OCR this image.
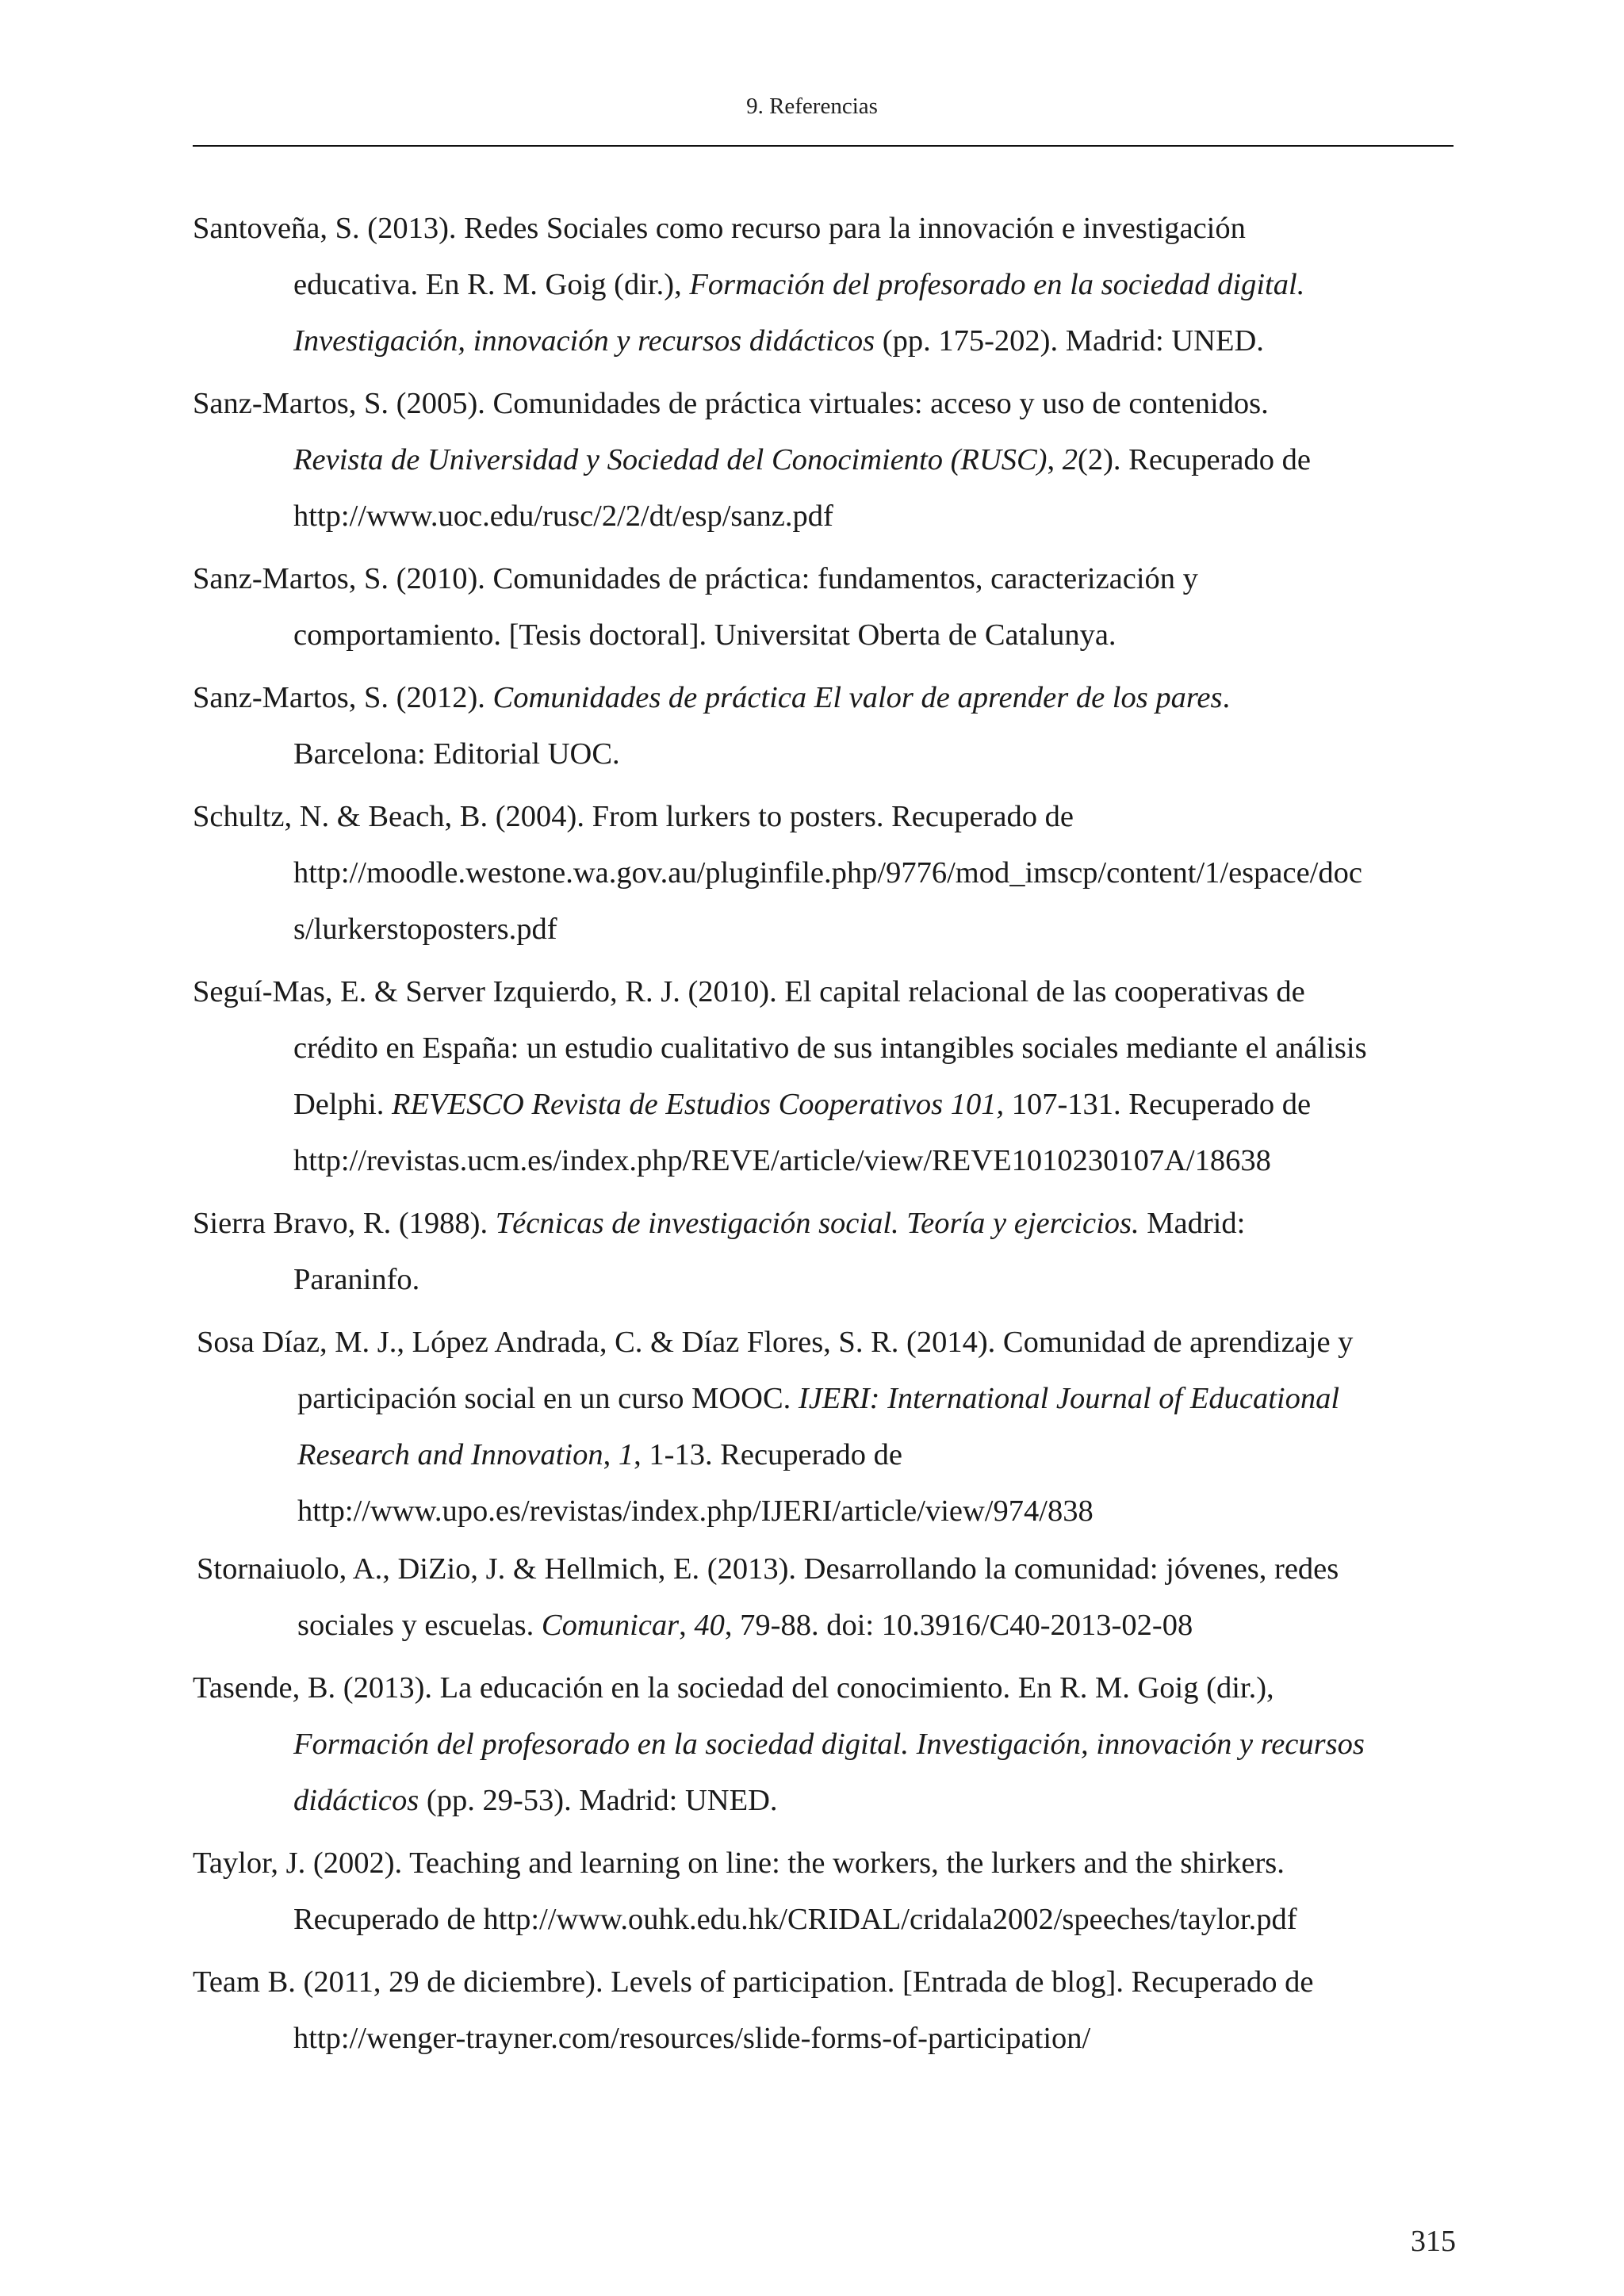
9. Referencias
Santoveña, S. (2013). Redes Sociales como recurso para la innovación e investigación
educativa. En R. M. Goig (dir.), Formación del profesorado en la sociedad digital.
Investigación, innovación y recursos didácticos (pp. 175-202). Madrid: UNED.
Sanz-Martos, S. (2005). Comunidades de práctica virtuales: acceso y uso de contenidos.
Revista de Universidad y Sociedad del Conocimiento (RUSC), 2(2). Recuperado de
http://www.uoc.edu/rusc/2/2/dt/esp/sanz.pdf
Sanz-Martos, S. (2010). Comunidades de práctica: fundamentos, caracterización y
comportamiento. [Tesis doctoral]. Universitat Oberta de Catalunya.
Sanz-Martos, S. (2012). Comunidades de práctica El valor de aprender de los pares.
Barcelona: Editorial UOC.
Schultz, N. & Beach, B. (2004). From lurkers to posters. Recuperado de
http://moodle.westone.wa.gov.au/pluginfile.php/9776/mod_imscp/content/1/espace/doc
s/lurkerstoposters.pdf
Seguí-Mas, E. & Server Izquierdo, R. J. (2010). El capital relacional de las cooperativas de
crédito en España: un estudio cualitativo de sus intangibles sociales mediante el análisis
Delphi. REVESCO Revista de Estudios Cooperativos 101, 107-131. Recuperado de
http://revistas.ucm.es/index.php/REVE/article/view/REVE1010230107A/18638
Sierra Bravo, R. (1988). Técnicas de investigación social. Teoría y ejercicios. Madrid:
Paraninfo.
Sosa Díaz, M. J., López Andrada, C. & Díaz Flores, S. R. (2014). Comunidad de aprendizaje y
participación social en un curso MOOC. IJERI: International Journal of Educational
Research and Innovation, 1, 1-13. Recuperado de
http://www.upo.es/revistas/index.php/IJERI/article/view/974/838
Stornaiuolo, A., DiZio, J. & Hellmich, E. (2013). Desarrollando la comunidad: jóvenes, redes
sociales y escuelas. Comunicar, 40, 79-88. doi: 10.3916/C40-2013-02-08
Tasende, B. (2013). La educación en la sociedad del conocimiento. En R. M. Goig (dir.),
Formación del profesorado en la sociedad digital. Investigación, innovación y recursos
didácticos (pp. 29-53). Madrid: UNED.
Taylor, J. (2002). Teaching and learning on line: the workers, the lurkers and the shirkers.
Recuperado de http://www.ouhk.edu.hk/CRIDAL/cridala2002/speeches/taylor.pdf
Team B. (2011, 29 de diciembre). Levels of participation. [Entrada de blog]. Recuperado de
http://wenger-trayner.com/resources/slide-forms-of-participation/
315
